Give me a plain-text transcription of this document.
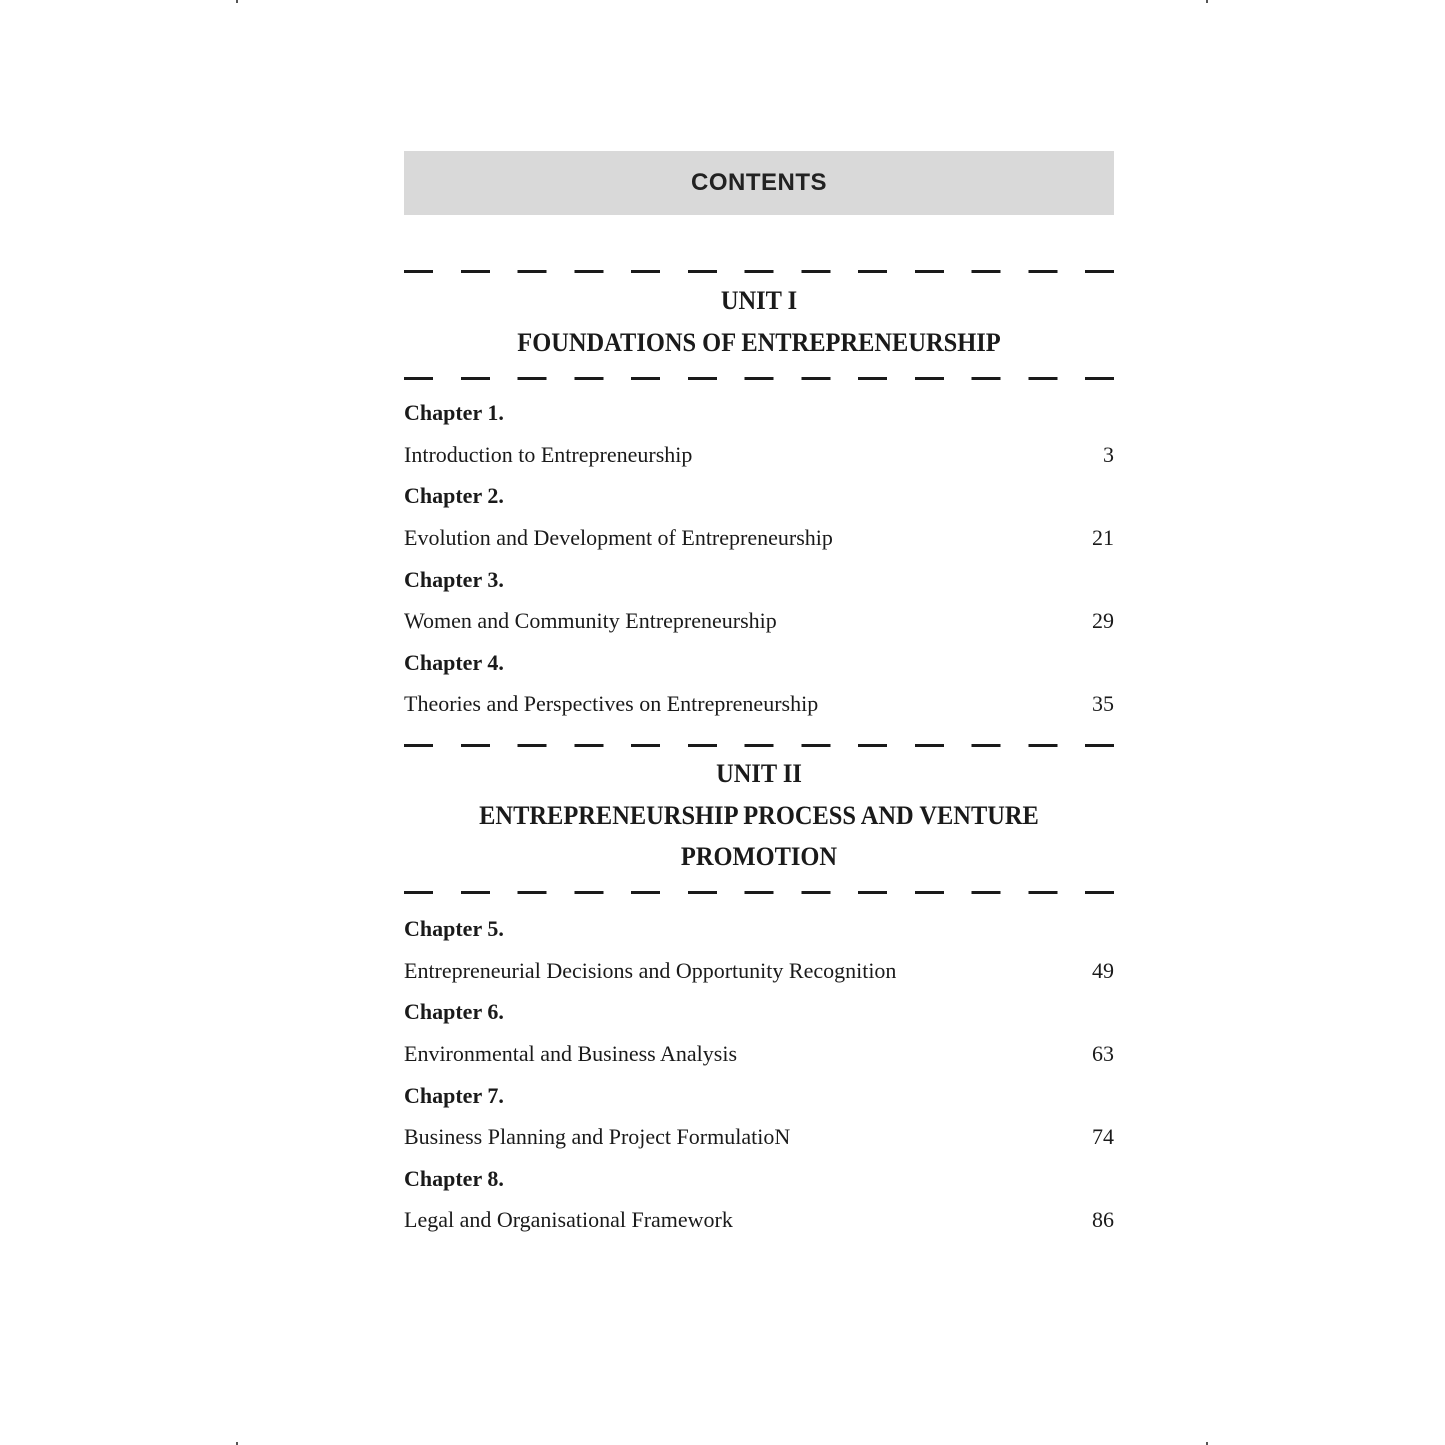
CONTENTS
UNIT I
FOUNDATIONS OF ENTREPRENEURSHIP
Chapter 1.
Introduction to Entrepreneurship	3
Chapter 2.
Evolution and Development of Entrepreneurship	21
Chapter 3.
Women and Community Entrepreneurship	29
Chapter 4.
Theories and Perspectives on Entrepreneurship	35
UNIT II
ENTREPRENEURSHIP PROCESS AND VENTURE
PROMOTION
Chapter 5.
Entrepreneurial Decisions and Opportunity Recognition	49
Chapter 6.
Environmental and Business Analysis	63
Chapter 7.
Business Planning and Project FormulatioN	74
Chapter 8.
Legal and Organisational Framework	86
